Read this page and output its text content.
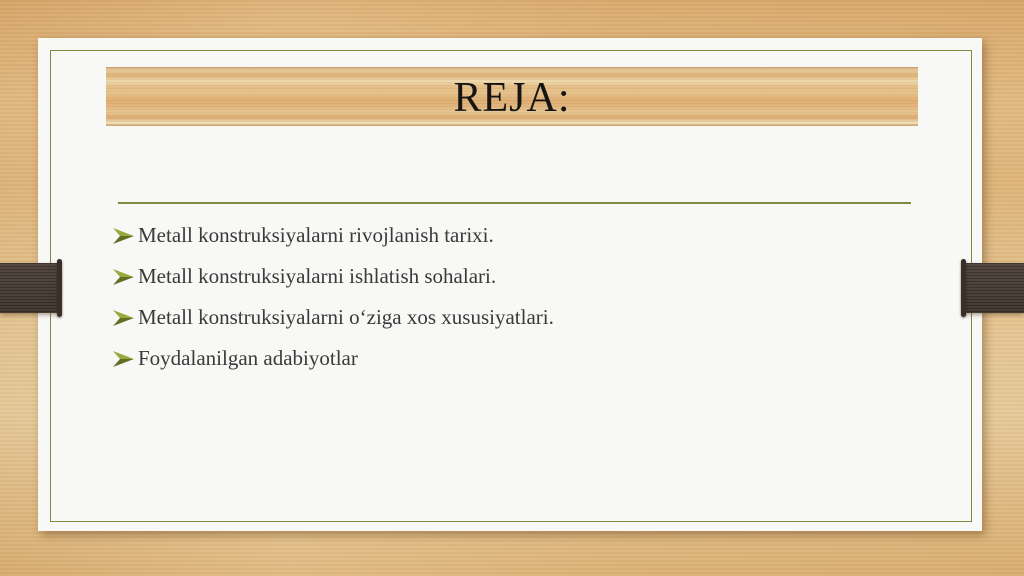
REJA:
Metall konstruksiyalarni rivojlanish tarixi.
Metall konstruksiyalarni ishlatish sohalari.
Metall konstruksiyalarni o‘ziga xos xususiyatlari.
Foydalanilgan adabiyotlar
